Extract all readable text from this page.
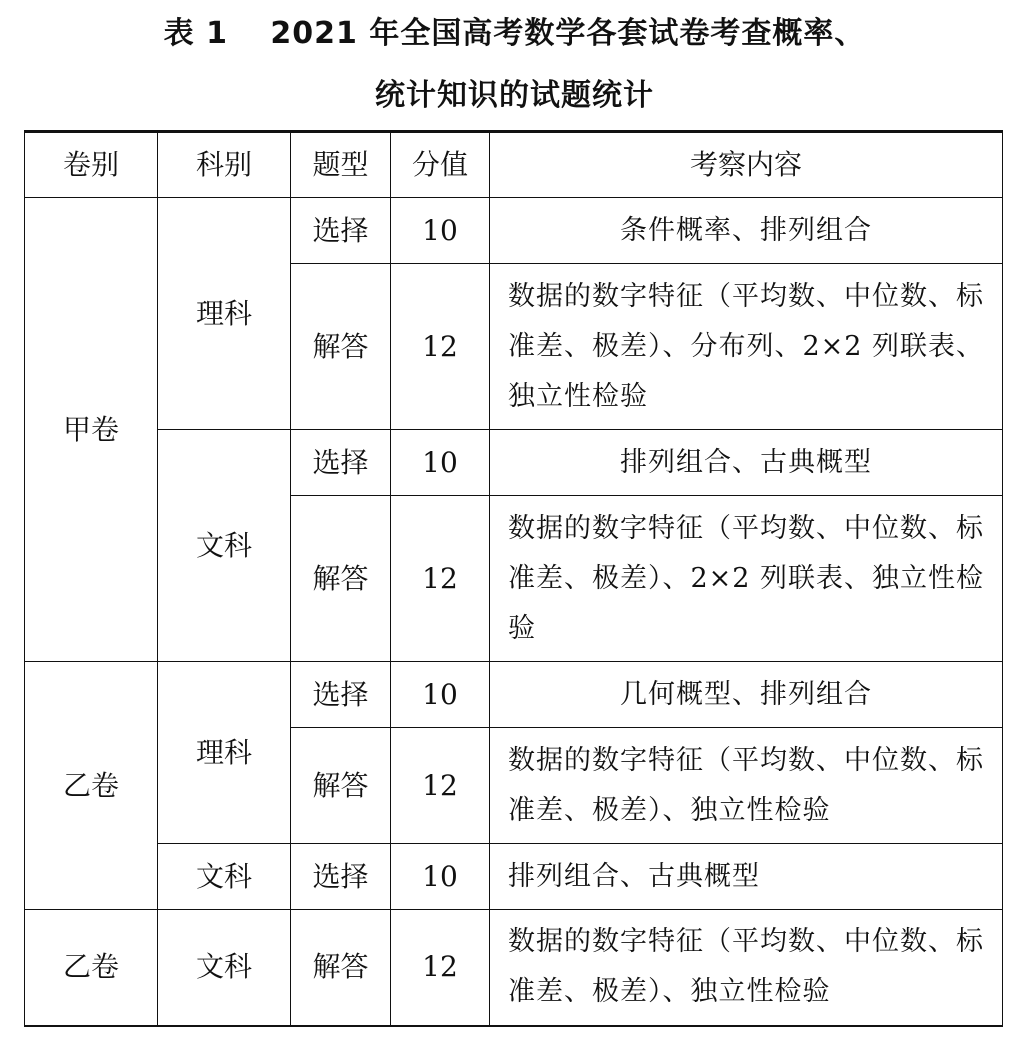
表 1　 2021 年全国高考数学各套试卷考查概率、
统计知识的试题统计
卷别	科别	题型	分值	考察内容
甲卷	理科	选择	10	条件概率、排列组合
		解答	12	数据的数字特征（平均数、中位数、标准差、极差）、分布列、2×2 列联表、独立性检验
	文科	选择	10	排列组合、古典概型
		解答	12	数据的数字特征（平均数、中位数、标准差、极差）、2×2 列联表、独立性检验
乙卷	理科	选择	10	几何概型、排列组合
		解答	12	数据的数字特征（平均数、中位数、标准差、极差）、独立性检验
	文科	选择	10	排列组合、古典概型
乙卷	文科	解答	12	数据的数字特征（平均数、中位数、标准差、极差）、独立性检验
